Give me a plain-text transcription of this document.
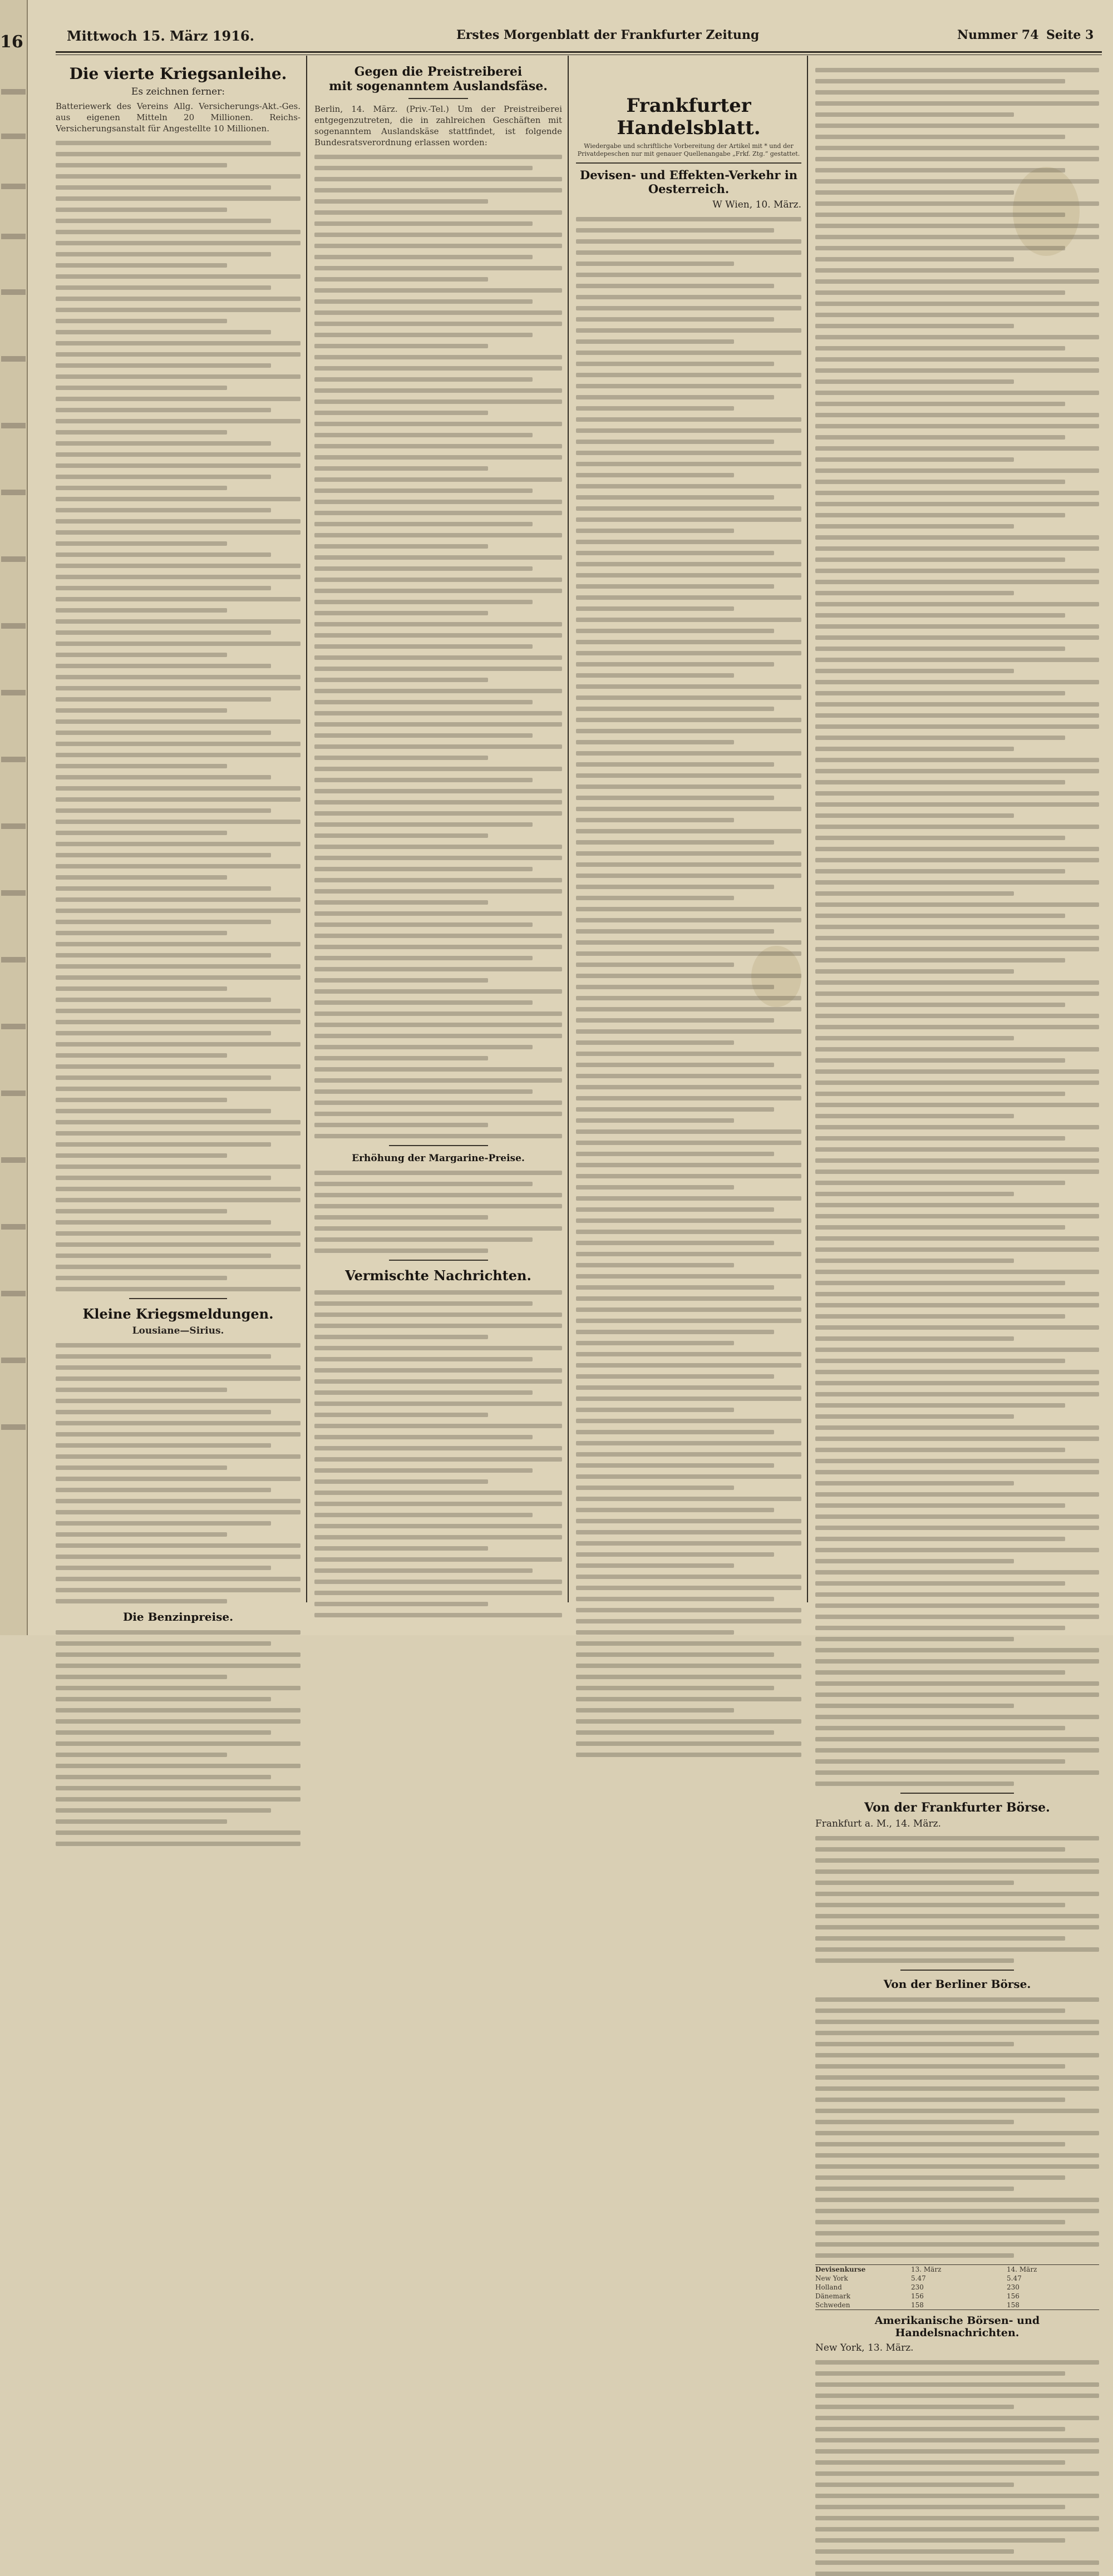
16	Mittwoch 15. März 1916.	Erstes Morgenblatt der Frankfurter Zeitung	Nummer 74 Seite 3

Die vierte Kriegsanleihe.

Es zeichnen ferner:

Batteriewerk des Vereins Allg. Versicherungs-Akt.-Ges. aus eigenen Mitteln 20 Millionen. Reichs-Versicherungsanstalt für Angestellte 10 Millionen.

Kleine Kriegsmeldungen.

Lousiane—Sirius.

Die Benzinpreise.

Gegen die Preistreiberei

mit sogenanntem Auslandsfäse.

Berlin, 14. März. (Priv.-Tel.) Um der Preistreiberei entgegenzutreten, die in zahlreichen Geschäften mit sogenanntem Auslandskäse stattfindet, ist folgende Bundesratsverordnung erlassen worden:

Erhöhung der Margarine-Preise.

Vermischte Nachrichten.

Frankfurter Handelsblatt.

Wiedergabe und schriftliche Vorbereitung der Artikel mit * und der Privatdepeschen nur mit genauer Quellenangabe „Frkf. Ztg.“ gestattet.

Devisen- und Effekten-Verkehr in Oesterreich.

W Wien, 10. März.

Von der Frankfurter Börse.

Frankfurt a. M., 14. März.

Von der Berliner Börse.

Devisenkurse	13. März	14. März
New York	5.47	5.47
Holland	230	230
Dänemark	156	156
Schweden	158	158

Amerikanische Börsen- und Handelsnachrichten.

New York, 13. März.
